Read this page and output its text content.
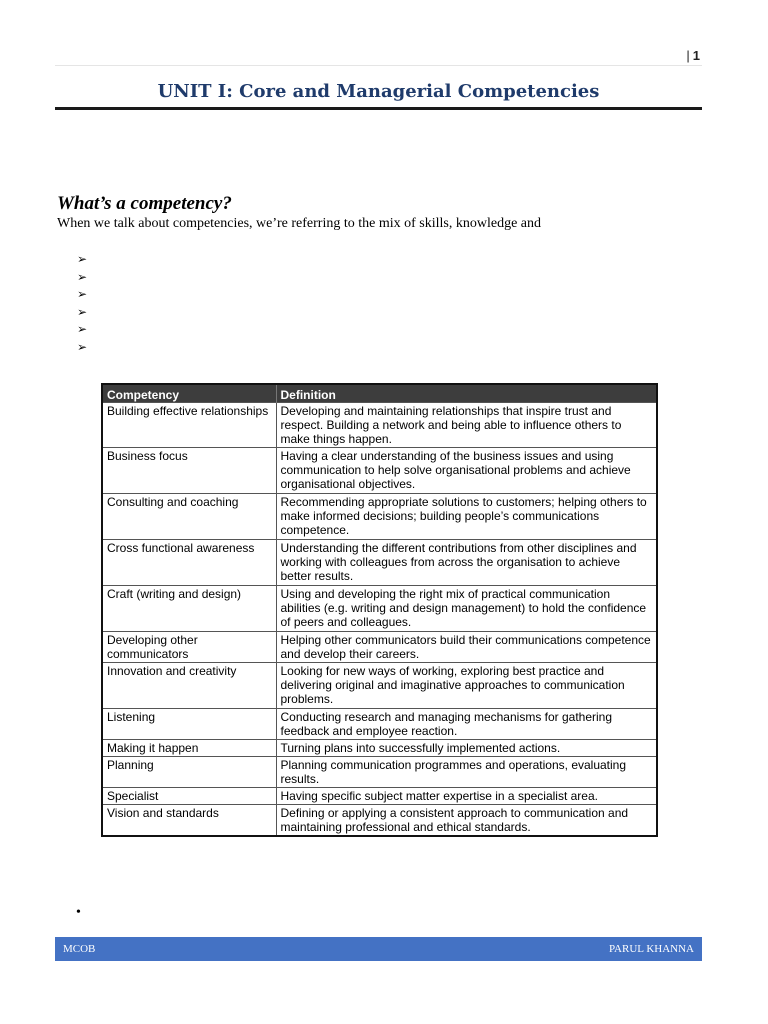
| 1
UNIT I: Core and Managerial Competencies
What’s a competency?
When we talk about competencies, we’re referring to the mix of skills, knowledge and
➢
➢
➢
➢
➢
➢
Competency	Definition
Building effective relationships	Developing and maintaining relationships that inspire trust and respect. Building a network and being able to influence others to make things happen.
Business focus	Having a clear understanding of the business issues and using communication to help solve organisational problems and achieve organisational objectives.
Consulting and coaching	Recommending appropriate solutions to customers; helping others to make informed decisions; building people’s communications competence.
Cross functional awareness	Understanding the different contributions from other disciplines and working with colleagues from across the organisation to achieve better results.
Craft (writing and design)	Using and developing the right mix of practical communication abilities (e.g. writing and design management) to hold the confidence of peers and colleagues.
Developing other communicators	Helping other communicators build their communications competence and develop their careers.
Innovation and creativity	Looking for new ways of working, exploring best practice and delivering original and imaginative approaches to communication problems.
Listening	Conducting research and managing mechanisms for gathering feedback and employee reaction.
Making it happen	Turning plans into successfully implemented actions.
Planning	Planning communication programmes and operations, evaluating results.
Specialist	Having specific subject matter expertise in a specialist area.
Vision and standards	Defining or applying a consistent approach to communication and maintaining professional and ethical standards.
•
MCOB	PARUL KHANNA
